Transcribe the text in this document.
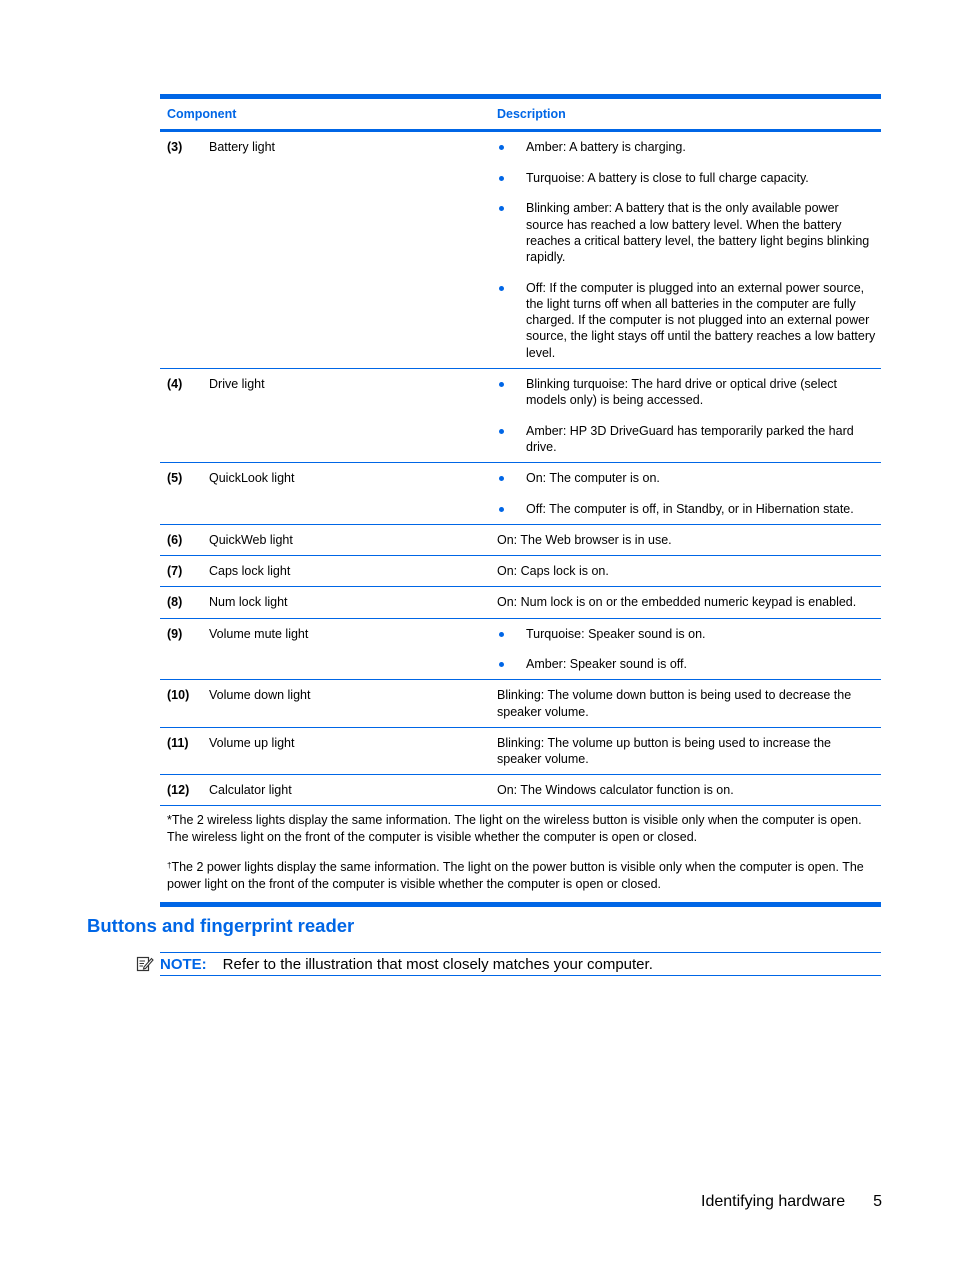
Component	Description
(3)	Battery light	Amber: A battery is charging.
Turquoise: A battery is close to full charge capacity.
Blinking amber: A battery that is the only available power source has reached a low battery level. When the battery reaches a critical battery level, the battery light begins blinking rapidly.
Off: If the computer is plugged into an external power source, the light turns off when all batteries in the computer are fully charged. If the computer is not plugged into an external power source, the light stays off until the battery reaches a low battery level.
(4)	Drive light	Blinking turquoise: The hard drive or optical drive (select models only) is being accessed.
Amber: HP 3D DriveGuard has temporarily parked the hard drive.
(5)	QuickLook light	On: The computer is on.
Off: The computer is off, in Standby, or in Hibernation state.
(6)	QuickWeb light	On: The Web browser is in use.
(7)	Caps lock light	On: Caps lock is on.
(8)	Num lock light	On: Num lock is on or the embedded numeric keypad is enabled.
(9)	Volume mute light	Turquoise: Speaker sound is on.
Amber: Speaker sound is off.
(10)	Volume down light	Blinking: The volume down button is being used to decrease the speaker volume.
(11)	Volume up light	Blinking: The volume up button is being used to increase the speaker volume.
(12)	Calculator light	On: The Windows calculator function is on.

*The 2 wireless lights display the same information. The light on the wireless button is visible only when the computer is open. The wireless light on the front of the computer is visible whether the computer is open or closed.

†The 2 power lights display the same information. The light on the power button is visible only when the computer is open. The power light on the front of the computer is visible whether the computer is open or closed.

Buttons and fingerprint reader
NOTE: Refer to the illustration that most closely matches your computer.
Identifying hardware 5
